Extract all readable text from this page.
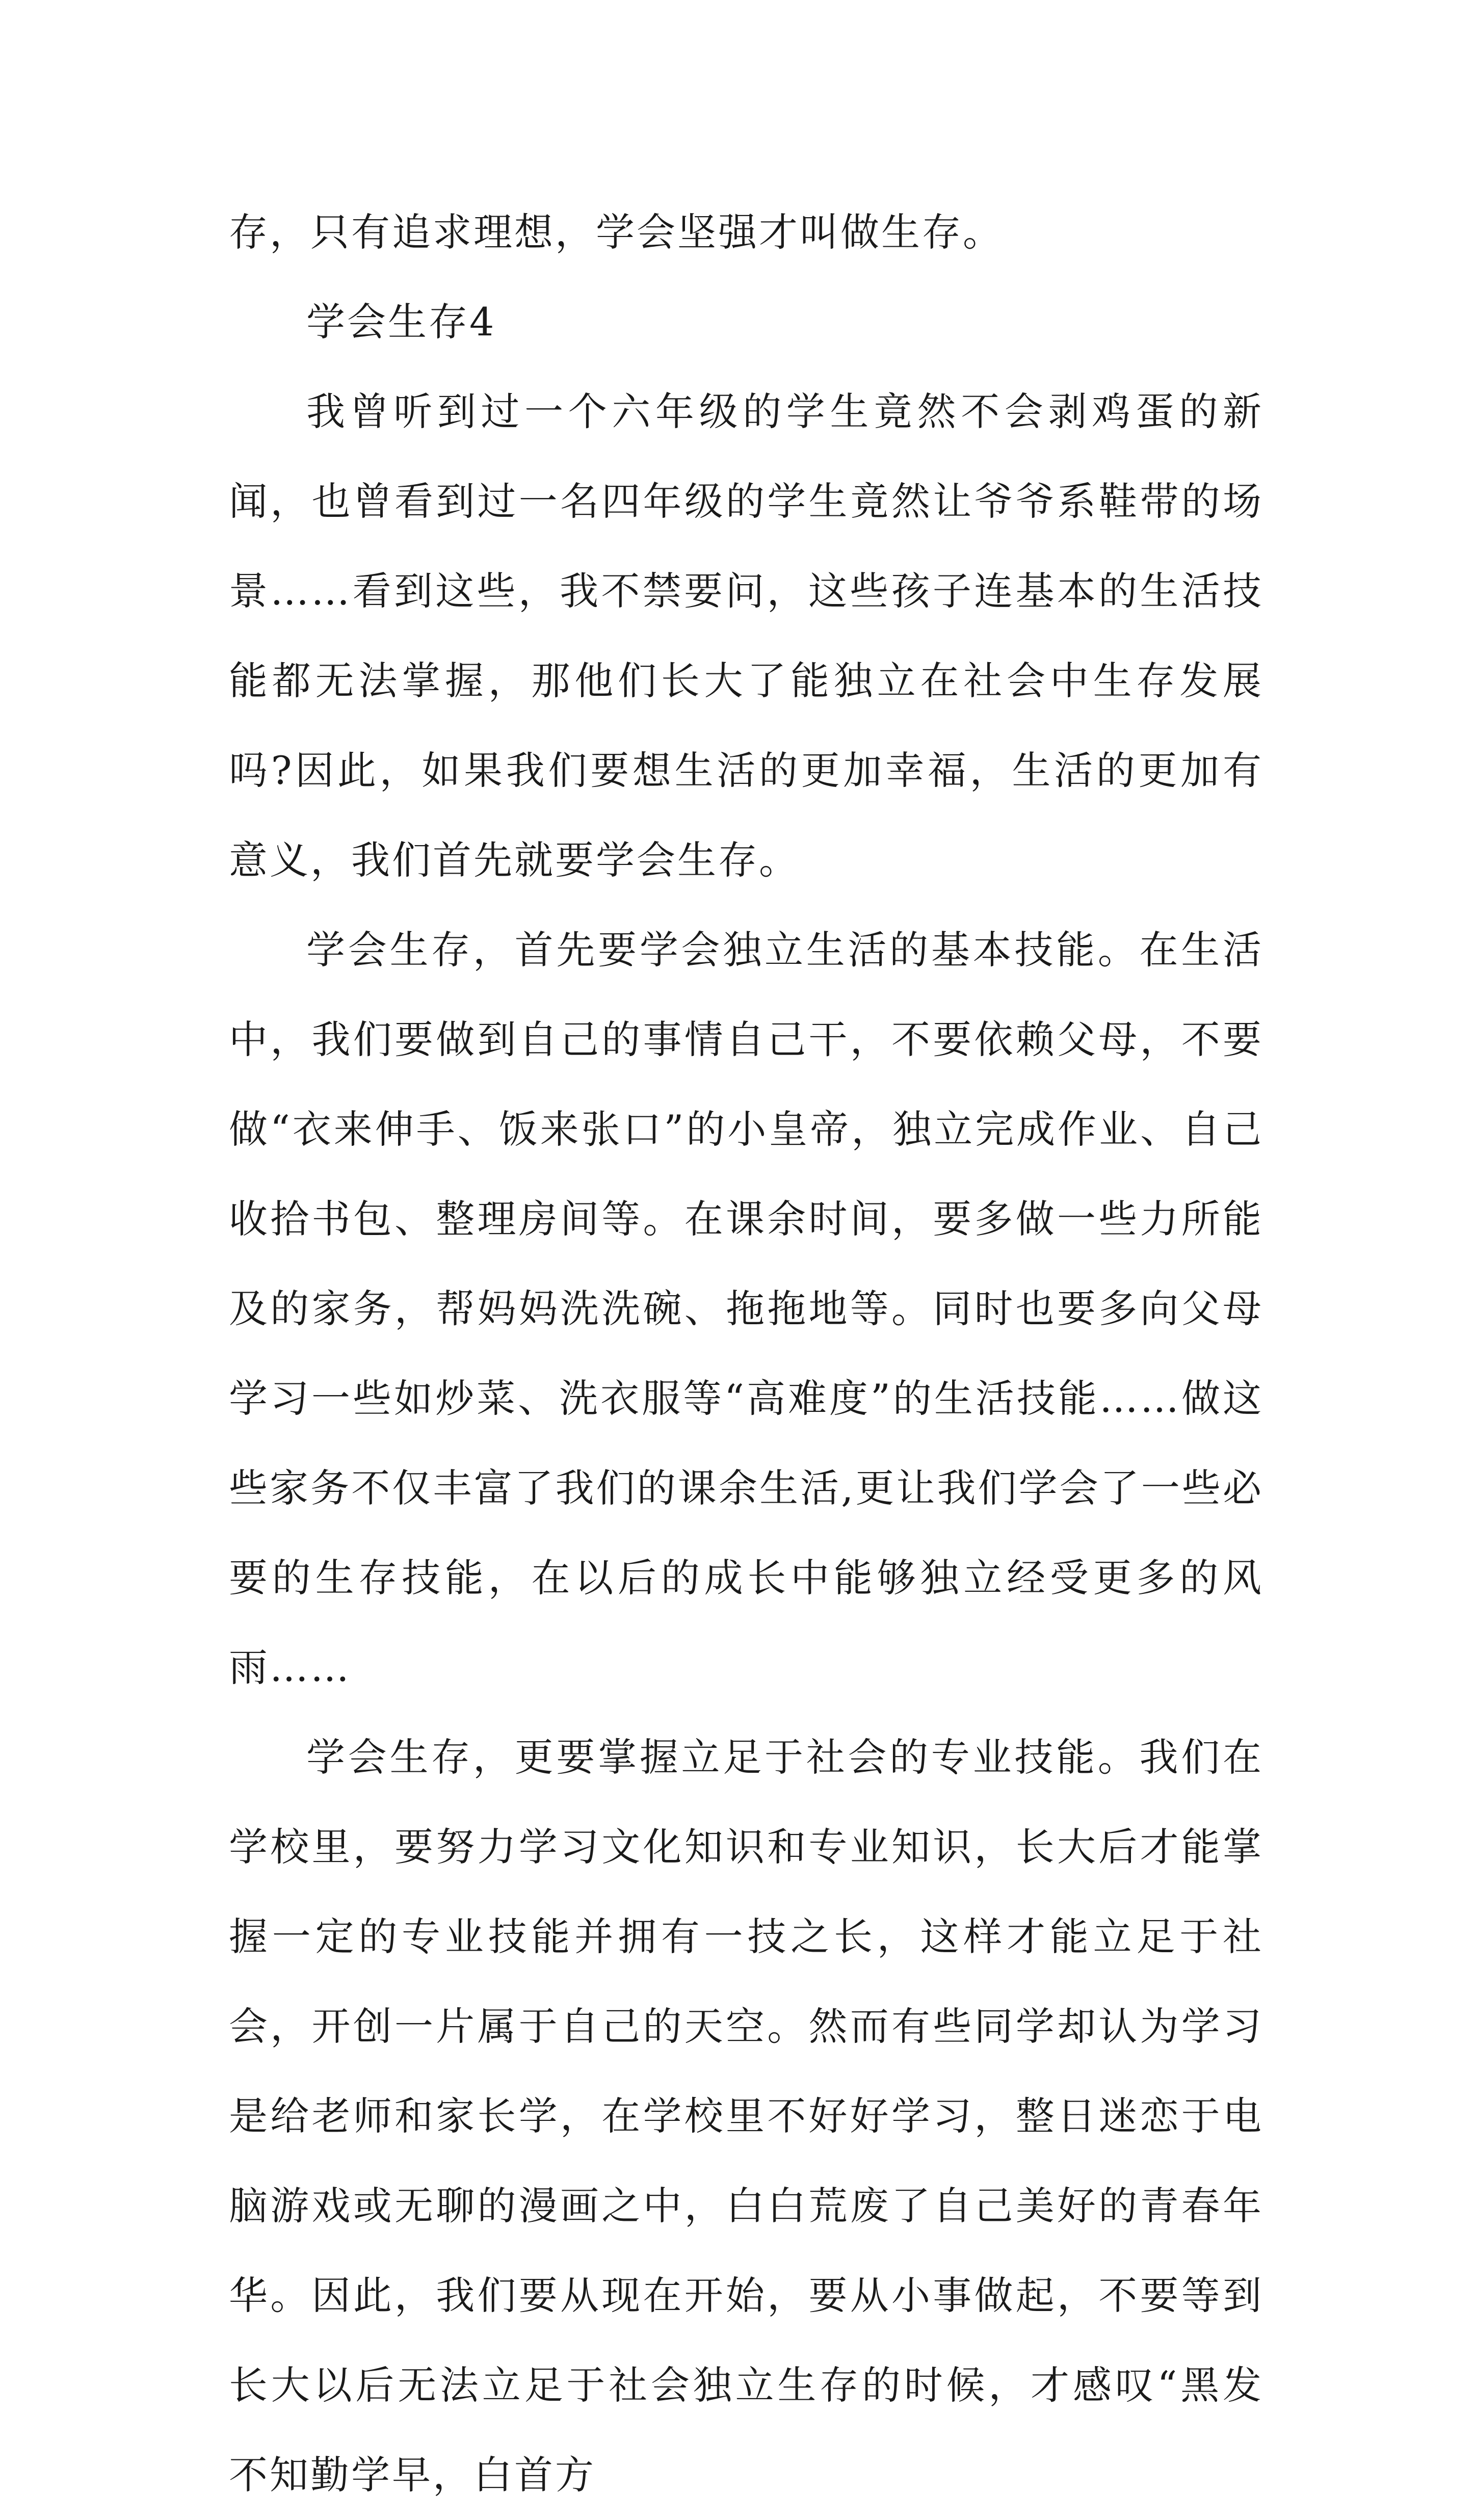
存，只有追求理想，学会坚强才叫做生存。

学会生存4

我曾听到过一个六年级的学生竟然不会剥鸡蛋的新闻，也曾看到过一名四年级的学生竟然让爷爷系鞋带的场景……看到这些，我不禁要问，这些孩子连基本的生活技能都无法掌握，那他们长大了能独立在社会中生存发展吗?因此，如果我们要想生活的更加幸福，生活的更加有意义，我们首先就要学会生存。

学会生存，首先要学会独立生活的基本技能。在生活中，我们要做到自己的事情自己干，不要依赖父母，不要做“衣来伸手、饭来张口”的小皇帝，独立完成作业、自己收拾书包、整理房间等。在课余时间，要多做一些力所能及的家务，帮妈妈洗洗碗、拖拖地等。同时也要多向父母学习一些如炒菜、洗衣服等“高难度”的生活技能……做这些家务不仅丰富了我们的课余生活,更让我们学会了一些必要的生存技能，在以后的成长中能够独立经受更多的风雨……

学会生存，更要掌握立足于社会的专业技能。我们在学校里，要努力学习文化知识和专业知识，长大后才能掌握一定的专业技能并拥有一技之长，这样才能立足于社会，开创一片属于自己的天空。然而有些同学却认为学习是给老师和家长学，在学校里不好好学习，整日迷恋于电脑游戏或无聊的漫画之中，白白荒废了自己美好的青春年华。因此，我们要从现在开始，要从小事做起，不要等到长大以后无法立足于社会独立生存的时候，才感叹“黑发不知勤学早，白首方
